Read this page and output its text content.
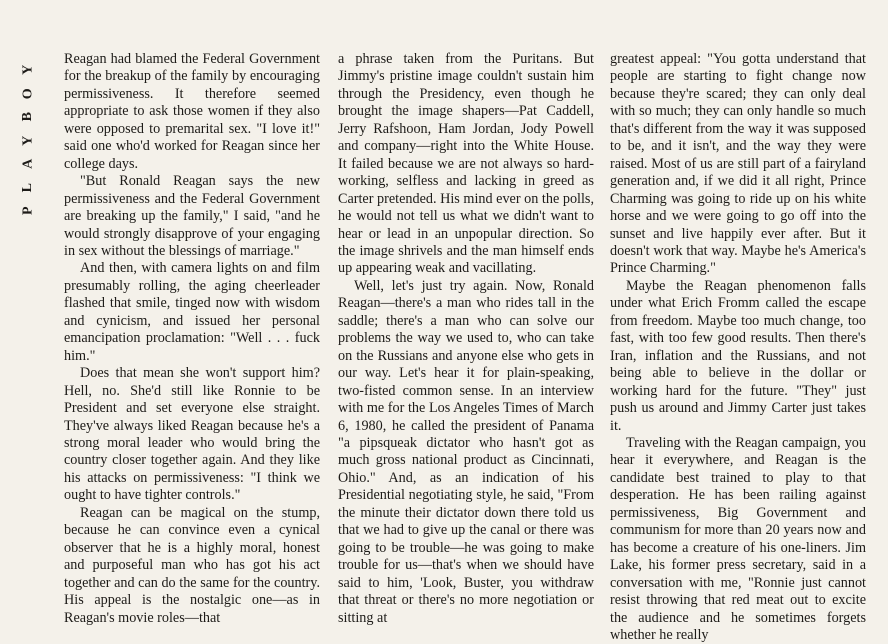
Y
O
B
Y
A
L
P

Reagan had blamed the Federal Government for the breakup of the family by encouraging permissiveness. It therefore seemed appropriate to ask those women if they also were opposed to premarital sex. "I love it!" said one who'd worked for Reagan since her college days.

"But Ronald Reagan says the new permissiveness and the Federal Government are breaking up the family," I said, "and he would strongly disapprove of your engaging in sex without the blessings of marriage."

And then, with camera lights on and film presumably rolling, the aging cheerleader flashed that smile, tinged now with wisdom and cynicism, and issued her personal emancipation proclamation: "Well . . . fuck him."

Does that mean she won't support him? Hell, no. She'd still like Ronnie to be President and set everyone else straight. They've always liked Reagan because he's a strong moral leader who would bring the country closer together again. And they like his attacks on permissiveness: "I think we ought to have tighter controls."

Reagan can be magical on the stump, because he can convince even a cynical observer that he is a highly moral, honest and purposeful man who has got his act together and can do the same for the country. His appeal is the nostalgic one—as in Reagan's movie roles—that

a phrase taken from the Puritans. But Jimmy's pristine image couldn't sustain him through the Presidency, even though he brought the image shapers—Pat Caddell, Jerry Rafshoon, Ham Jordan, Jody Powell and company—right into the White House. It failed because we are not always so hard-working, selfless and lacking in greed as Carter pretended. His mind ever on the polls, he would not tell us what we didn't want to hear or lead in an unpopular direction. So the image shrivels and the man himself ends up appearing weak and vacillating.

Well, let's just try again. Now, Ronald Reagan—there's a man who rides tall in the saddle; there's a man who can solve our problems the way we used to, who can take on the Russians and anyone else who gets in our way. Let's hear it for plain-speaking, two-fisted common sense. In an interview with me for the Los Angeles Times of March 6, 1980, he called the president of Panama "a pipsqueak dictator who hasn't got as much gross national product as Cincinnati, Ohio." And, as an indication of his Presidential negotiating style, he said, "From the minute their dictator down there told us that we had to give up the canal or there was going to be trouble—he was going to make trouble for us—that's when we should have said to him, 'Look, Buster, you withdraw that threat or there's no more negotiation or sitting at

greatest appeal: "You gotta understand that people are starting to fight change now because they're scared; they can only deal with so much; they can only handle so much that's different from the way it was supposed to be, and it isn't, and the way they were raised. Most of us are still part of a fairyland generation and, if we did it all right, Prince Charming was going to ride up on his white horse and we were going to go off into the sunset and live happily ever after. But it doesn't work that way. Maybe he's America's Prince Charming."

Maybe the Reagan phenomenon falls under what Erich Fromm called the escape from freedom. Maybe too much change, too fast, with too few good results. Then there's Iran, inflation and the Russians, and not being able to believe in the dollar or working hard for the future. "They" just push us around and Jimmy Carter just takes it.

Traveling with the Reagan campaign, you hear it everywhere, and Reagan is the candidate best trained to play to that desperation. He has been railing against permissiveness, Big Government and communism for more than 20 years now and has become a creature of his one-liners. Jim Lake, his former press secretary, said in a conversation with me, "Ronnie just cannot resist throwing that red meat out to excite the audience and he sometimes forgets whether he really
